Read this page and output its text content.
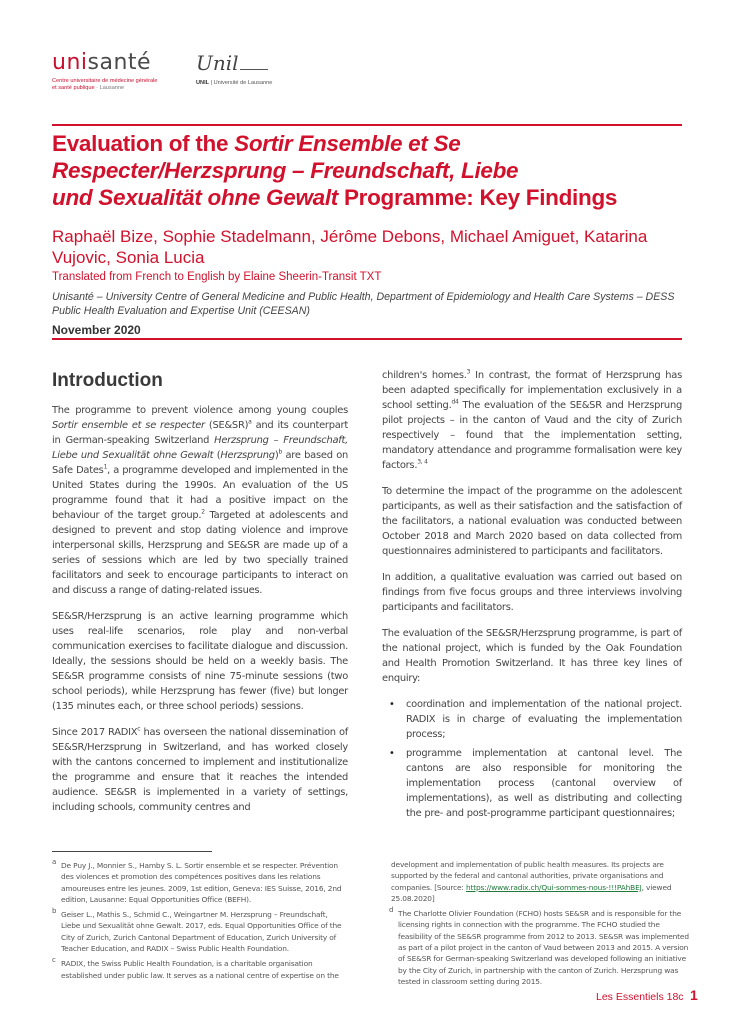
unisanté
Centre universitaire de médecine générale
et santé publique · Lausanne
Unil
UNIL | Université de Lausanne
Evaluation of the Sortir Ensemble et Se
Respecter/Herzsprung – Freundschaft, Liebe
und Sexualität ohne Gewalt Programme: Key Findings
Raphaël Bize, Sophie Stadelmann, Jérôme Debons, Michael Amiguet, Katarina Vujovic, Sonia Lucia
Translated from French to English by Elaine Sheerin-Transit TXT
Unisanté – University Centre of General Medicine and Public Health, Department of Epidemiology and Health Care Systems – DESS Public Health Evaluation and Expertise Unit (CEESAN)
November 2020
Introduction

The programme to prevent violence among young couples Sortir ensemble et se respecter (SE&SR)$^a$ and its counterpart in German-speaking Switzerland Herzsprung – Freundschaft, Liebe und Sexualität ohne Gewalt (Herzsprung)$^b$ are based on Safe Dates$^1$, a programme developed and implemented in the United States during the 1990s. An evaluation of the US programme found that it had a positive impact on the behaviour of the target group.$^2$ Targeted at adolescents and designed to prevent and stop dating violence and improve interpersonal skills, Herzsprung and SE&SR are made up of a series of sessions which are led by two specially trained facilitators and seek to encourage participants to interact on and discuss a range of dating-related issues.

SE&SR/Herzsprung is an active learning programme which uses real-life scenarios, role play and non-verbal communication exercises to facilitate dialogue and discussion. Ideally, the sessions should be held on a weekly basis. The SE&SR programme consists of nine 75-minute sessions (two school periods), while Herzsprung has fewer (five) but longer (135 minutes each, or three school periods) sessions.

Since 2017 RADIX$^c$ has overseen the national dissemination of SE&SR/Herzsprung in Switzerland, and has worked closely with the cantons concerned to implement and institutionalize the programme and ensure that it reaches the intended audience. SE&SR is implemented in a variety of settings, including schools, community centres and

children's homes.$^3$ In contrast, the format of Herzsprung has been adapted specifically for implementation exclusively in a school setting.$^{d4}$ The evaluation of the SE&SR and Herzsprung pilot projects – in the canton of Vaud and the city of Zurich respectively – found that the implementation setting, mandatory attendance and programme formalisation were key factors.$^{3, 4}$

To determine the impact of the programme on the adolescent participants, as well as their satisfaction and the satisfaction of the facilitators, a national evaluation was conducted between October 2018 and March 2020 based on data collected from questionnaires administered to participants and facilitators.

In addition, a qualitative evaluation was carried out based on findings from five focus groups and three interviews involving participants and facilitators.

The evaluation of the SE&SR/Herzsprung programme, is part of the national project, which is funded by the Oak Foundation and Health Promotion Switzerland. It has three key lines of enquiry:

• coordination and implementation of the national project. RADIX is in charge of evaluating the implementation process;
• programme implementation at cantonal level. The cantons are also responsible for monitoring the implementation process (cantonal overview of implementations), as well as distributing and collecting the pre- and post-programme participant questionnaires;

a De Puy J., Monnier S., Hamby S. L. Sortir ensemble et se respecter. Prévention des violences et promotion des compétences positives dans les relations amoureuses entre les jeunes. 2009, 1st edition, Geneva: IES Suisse, 2016, 2nd edition, Lausanne: Equal Opportunities Office (BEFH).

b Geiser L., Mathis S., Schmid C., Weingartner M. Herzsprung – Freundschaft, Liebe und Sexualität ohne Gewalt. 2017, eds. Equal Opportunities Office of the City of Zurich, Zurich Cantonal Department of Education, Zurich University of Teacher Education, and RADIX – Swiss Public Health Foundation.

c RADIX, the Swiss Public Health Foundation, is a charitable organisation established under public law. It serves as a national centre of expertise on the

development and implementation of public health measures. Its projects are supported by the federal and cantonal authorities, private organisations and companies. [Source: https://www.radix.ch/Qui-sommes-nous-!!!PAhBEJ, viewed 25.08.2020]

d The Charlotte Olivier Foundation (FCHO) hosts SE&SR and is responsible for the licensing rights in connection with the programme. The FCHO studied the feasibility of the SE&SR programme from 2012 to 2013. SE&SR was implemented as part of a pilot project in the canton of Vaud between 2013 and 2015. A version of SE&SR for German-speaking Switzerland was developed following an initiative by the City of Zurich, in partnership with the canton of Zurich. Herzsprung was tested in classroom setting during 2015.

Les Essentiels 18c 1
